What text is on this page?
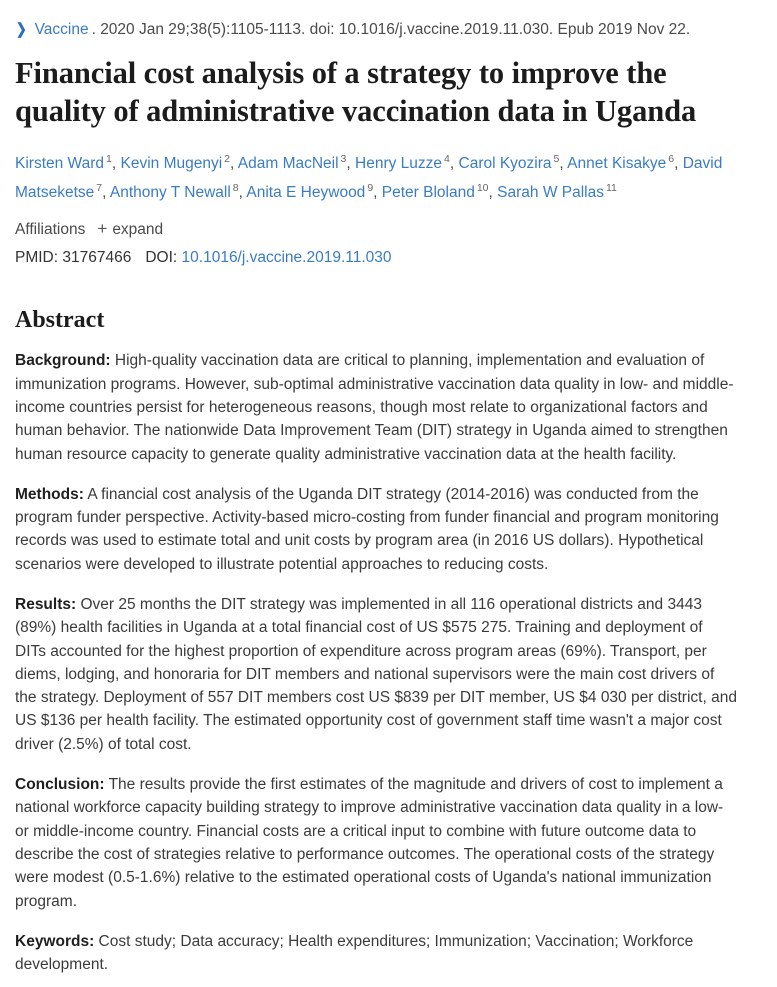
❯ Vaccine . 2020 Jan 29;38(5):1105-1113. doi: 10.1016/j.vaccine.2019.11.030. Epub 2019 Nov 22.
Financial cost analysis of a strategy to improve the quality of administrative vaccination data in Uganda
Kirsten Ward $^1$, Kevin Mugenyi $^2$, Adam MacNeil $^3$, Henry Luzze $^4$, Carol Kyozira $^5$, Annet Kisakye $^6$, David Matseketse $^7$, Anthony T Newall $^8$, Anita E Heywood $^9$, Peter Bloland $^{10}$, Sarah W Pallas $^{11}$
Affiliations + expand
PMID: 31767466 DOI: 10.1016/j.vaccine.2019.11.030
Abstract

Background: High-quality vaccination data are critical to planning, implementation and evaluation of immunization programs. However, sub-optimal administrative vaccination data quality in low- and middle-income countries persist for heterogeneous reasons, though most relate to organizational factors and human behavior. The nationwide Data Improvement Team (DIT) strategy in Uganda aimed to strengthen human resource capacity to generate quality administrative vaccination data at the health facility.

Methods: A financial cost analysis of the Uganda DIT strategy (2014-2016) was conducted from the program funder perspective. Activity-based micro-costing from funder financial and program monitoring records was used to estimate total and unit costs by program area (in 2016 US dollars). Hypothetical scenarios were developed to illustrate potential approaches to reducing costs.

Results: Over 25 months the DIT strategy was implemented in all 116 operational districts and 3443 (89%) health facilities in Uganda at a total financial cost of US $575 275. Training and deployment of DITs accounted for the highest proportion of expenditure across program areas (69%). Transport, per diems, lodging, and honoraria for DIT members and national supervisors were the main cost drivers of the strategy. Deployment of 557 DIT members cost US $839 per DIT member, US $4 030 per district, and US $136 per health facility. The estimated opportunity cost of government staff time wasn't a major cost driver (2.5%) of total cost.

Conclusion: The results provide the first estimates of the magnitude and drivers of cost to implement a national workforce capacity building strategy to improve administrative vaccination data quality in a low- or middle-income country. Financial costs are a critical input to combine with future outcome data to describe the cost of strategies relative to performance outcomes. The operational costs of the strategy were modest (0.5-1.6%) relative to the estimated operational costs of Uganda's national immunization program.

Keywords: Cost study; Data accuracy; Health expenditures; Immunization; Vaccination; Workforce development.
